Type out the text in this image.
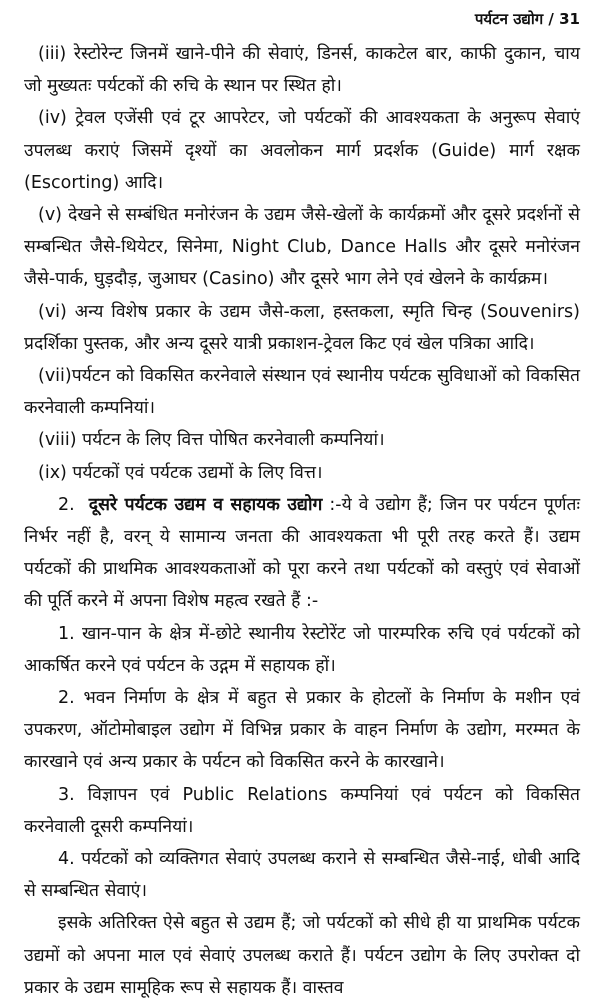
पर्यटन उद्योग / 31

(iii) रेस्टोरेन्ट जिनमें खाने-पीने की सेवाएं, डिनर्स, काकटेल बार, काफी दुकान, चाय जो मुख्यतः पर्यटकों की रुचि के स्थान पर स्थित हो।

(iv) ट्रेवल एजेंसी एवं टूर आपरेटर, जो पर्यटकों की आवश्यकता के अनुरूप सेवाएं उपलब्ध कराएं जिसमें दृश्यों का अवलोकन मार्ग प्रदर्शक (Guide) मार्ग रक्षक (Escorting) आदि।

(v) देखने से सम्बंधित मनोरंजन के उद्यम जैसे-खेलों के कार्यक्रमों और दूसरे प्रदर्शनों से सम्बन्धित जैसे-थियेटर, सिनेमा, Night Club, Dance Halls और दूसरे मनोरंजन जैसे-पार्क, घुड़दौड़, जुआघर (Casino) और दूसरे भाग लेने एवं खेलने के कार्यक्रम।

(vi) अन्य विशेष प्रकार के उद्यम जैसे-कला, हस्तकला, स्मृति चिन्ह (Souvenirs) प्रदर्शिका पुस्तक, और अन्य दूसरे यात्री प्रकाशन-ट्रेवल किट एवं खेल पत्रिका आदि।

(vii)पर्यटन को विकसित करनेवाले संस्थान एवं स्थानीय पर्यटक सुविधाओं को विकसित करनेवाली कम्पनियां।

(viii) पर्यटन के लिए वित्त पोषित करनेवाली कम्पनियां।

(ix) पर्यटकों एवं पर्यटक उद्यमों के लिए वित्त।

2. दूसरे पर्यटक उद्यम व सहायक उद्योग :-ये वे उद्योग हैं; जिन पर पर्यटन पूर्णतः निर्भर नहीं है, वरन् ये सामान्य जनता की आवश्यकता भी पूरी तरह करते हैं। उद्यम पर्यटकों की प्राथमिक आवश्यकताओं को पूरा करने तथा पर्यटकों को वस्तुएं एवं सेवाओं की पूर्ति करने में अपना विशेष महत्व रखते हैं :-

1. खान-पान के क्षेत्र में-छोटे स्थानीय रेस्टोरेंट जो पारम्परिक रुचि एवं पर्यटकों को आकर्षित करने एवं पर्यटन के उद्गम में सहायक हों।

2. भवन निर्माण के क्षेत्र में बहुत से प्रकार के होटलों के निर्माण के मशीन एवं उपकरण, ऑटोमोबाइल उद्योग में विभिन्न प्रकार के वाहन निर्माण के उद्योग, मरम्मत के कारखाने एवं अन्य प्रकार के पर्यटन को विकसित करने के कारखाने।

3. विज्ञापन एवं Public Relations कम्पनियां एवं पर्यटन को विकसित करनेवाली दूसरी कम्पनियां।

4. पर्यटकों को व्यक्तिगत सेवाएं उपलब्ध कराने से सम्बन्धित जैसे-नाई, धोबी आदि से सम्बन्धित सेवाएं।

इसके अतिरिक्त ऐसे बहुत से उद्यम हैं; जो पर्यटकों को सीधे ही या प्राथमिक पर्यटक उद्यमों को अपना माल एवं सेवाएं उपलब्ध कराते हैं। पर्यटन उद्योग के लिए उपरोक्त दो प्रकार के उद्यम सामूहिक रूप से सहायक हैं। वास्तव
